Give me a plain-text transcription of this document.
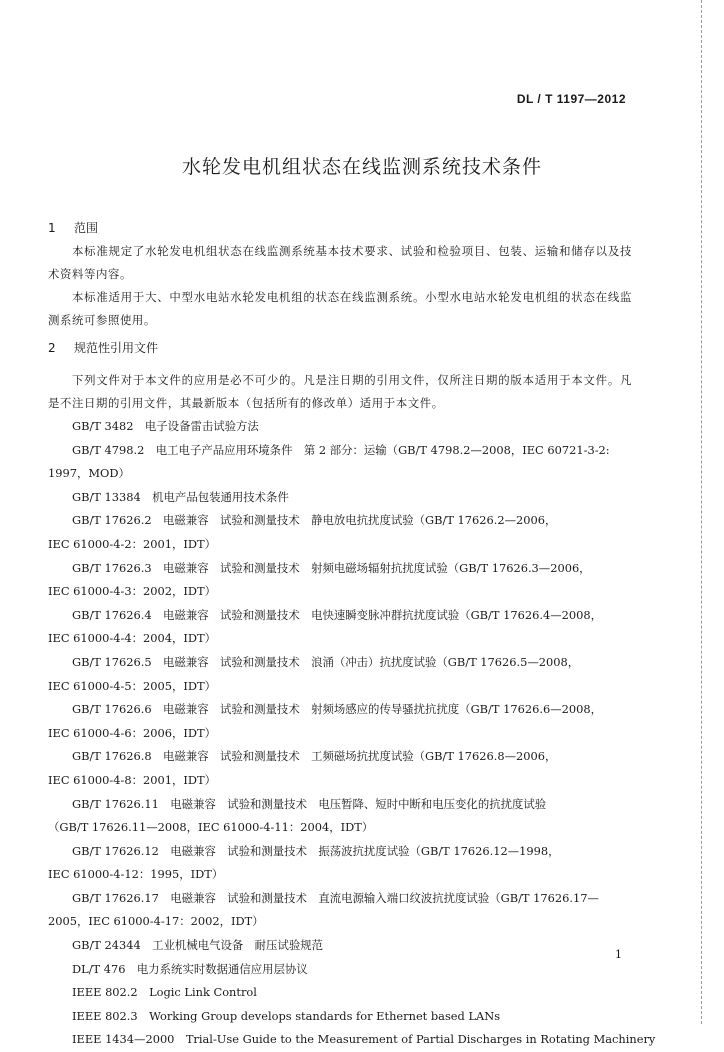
DL / T 1197—2012
水轮发电机组状态在线监测系统技术条件
1 范围
本标准规定了水轮发电机组状态在线监测系统基本技术要求、试验和检验项目、包装、运输和储存以及技术资料等内容。
本标准适用于大、中型水电站水轮发电机组的状态在线监测系统。小型水电站水轮发电机组的状态在线监测系统可参照使用。
2 规范性引用文件
下列文件对于本文件的应用是必不可少的。凡是注日期的引用文件，仅所注日期的版本适用于本文件。凡是不注日期的引用文件，其最新版本（包括所有的修改单）适用于本文件。
GB/T 3482　电子设备雷击试验方法
GB/T 4798.2　电工电子产品应用环境条件　第 2 部分：运输（GB/T 4798.2—2008，IEC 60721-3-2:
1997，MOD）
GB/T 13384　机电产品包装通用技术条件
GB/T 17626.2　电磁兼容　试验和测量技术　静电放电抗扰度试验（GB/T 17626.2—2006，
IEC 61000-4-2：2001，IDT）
GB/T 17626.3　电磁兼容　试验和测量技术　射频电磁场辐射抗扰度试验（GB/T 17626.3—2006，
IEC 61000-4-3：2002，IDT）
GB/T 17626.4　电磁兼容　试验和测量技术　电快速瞬变脉冲群抗扰度试验（GB/T 17626.4—2008，
IEC 61000-4-4：2004，IDT）
GB/T 17626.5　电磁兼容　试验和测量技术　浪涌（冲击）抗扰度试验（GB/T 17626.5—2008，
IEC 61000-4-5：2005，IDT）
GB/T 17626.6　电磁兼容　试验和测量技术　射频场感应的传导骚扰抗扰度（GB/T 17626.6—2008，
IEC 61000-4-6：2006，IDT）
GB/T 17626.8　电磁兼容　试验和测量技术　工频磁场抗扰度试验（GB/T 17626.8—2006，
IEC 61000-4-8：2001，IDT）
GB/T 17626.11　电磁兼容　试验和测量技术　电压暂降、短时中断和电压变化的抗扰度试验
（GB/T 17626.11—2008，IEC 61000-4-11：2004，IDT）
GB/T 17626.12　电磁兼容　试验和测量技术　振荡波抗扰度试验（GB/T 17626.12—1998，
IEC 61000-4-12：1995，IDT）
GB/T 17626.17　电磁兼容　试验和测量技术　直流电源输入端口纹波抗扰度试验（GB/T 17626.17—
2005，IEC 61000-4-17：2002，IDT）
GB/T 24344　工业机械电气设备　耐压试验规范
DL/T 476　电力系统实时数据通信应用层协议
IEEE 802.2　Logic Link Control
IEEE 802.3　Working Group develops standards for Ethernet based LANs
IEEE 1434—2000　Trial-Use Guide to the Measurement of Partial Discharges in Rotating Machinery
1
